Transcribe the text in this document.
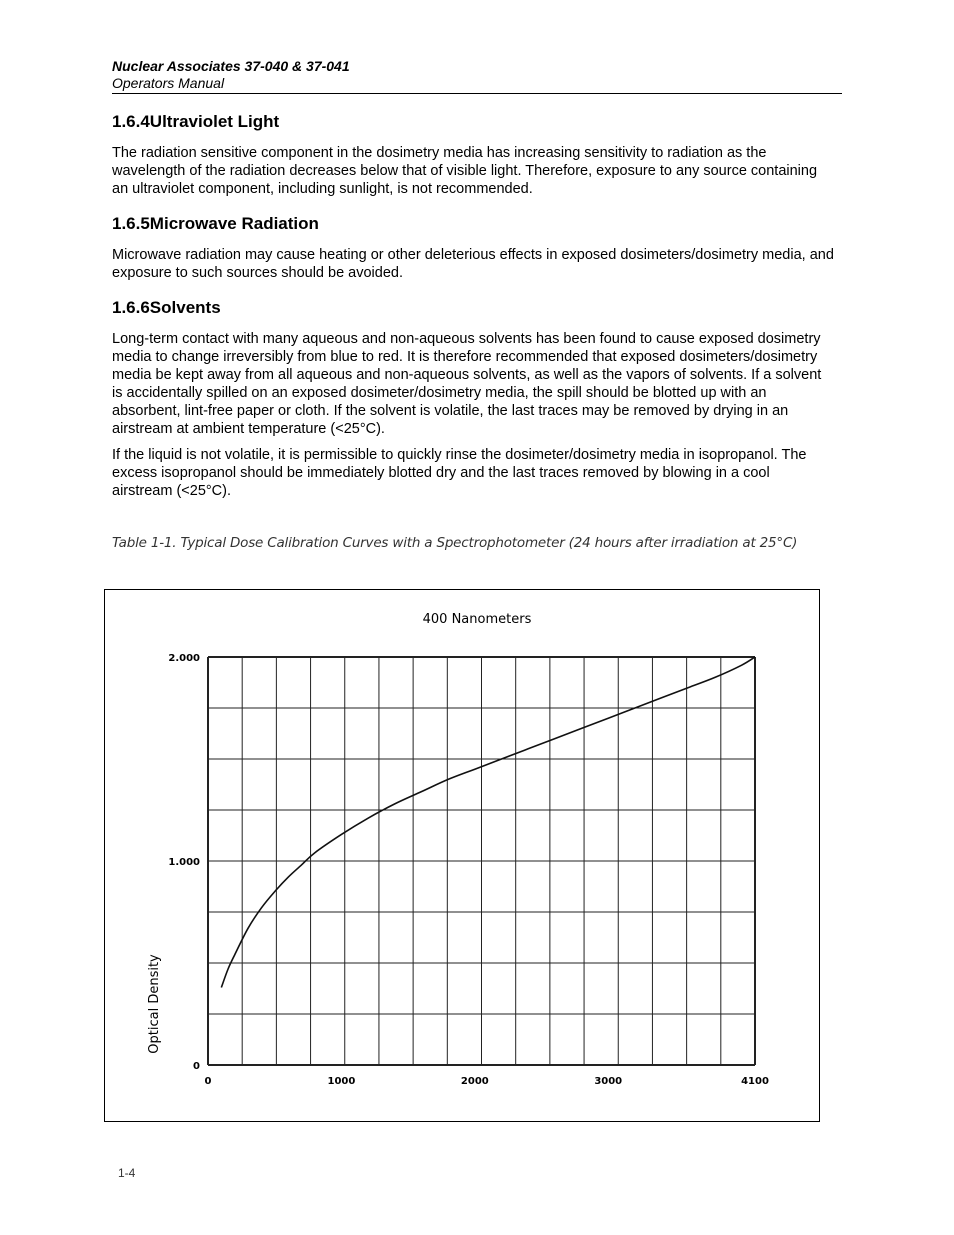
Nuclear Associates 37-040 & 37-041
Operators Manual
1.6.4Ultraviolet Light

The radiation sensitive component in the dosimetry media has increasing sensitivity to radiation as the wavelength of the radiation decreases below that of visible light. Therefore, exposure to any source containing an ultraviolet component, including sunlight, is not recommended.

1.6.5Microwave Radiation

Microwave radiation may cause heating or other deleterious effects in exposed dosimeters/dosimetry media, and exposure to such sources should be avoided.

1.6.6Solvents

Long-term contact with many aqueous and non-aqueous solvents has been found to cause exposed dosimetry media to change irreversibly from blue to red. It is therefore recommended that exposed dosimeters/dosimetry media be kept away from all aqueous and non-aqueous solvents, as well as the vapors of solvents. If a solvent is accidentally spilled on an exposed dosimeter/dosimetry media, the spill should be blotted up with an absorbent, lint-free paper or cloth. If the solvent is volatile, the last traces may be removed by drying in an airstream at ambient temperature (<25°C).

If the liquid is not volatile, it is permissible to quickly rinse the dosimeter/dosimetry media in isopropanol. The excess isopropanol should be immediately blotted dry and the last traces removed by blowing in a cool airstream (<25°C).

Table 1-1. Typical Dose Calibration Curves with a Spectrophotometer (24 hours after irradiation at 25°C)
400 Nanometers
Optical Density
0	1000	2000	3000	4100
0
1.000
2.000
1-4
